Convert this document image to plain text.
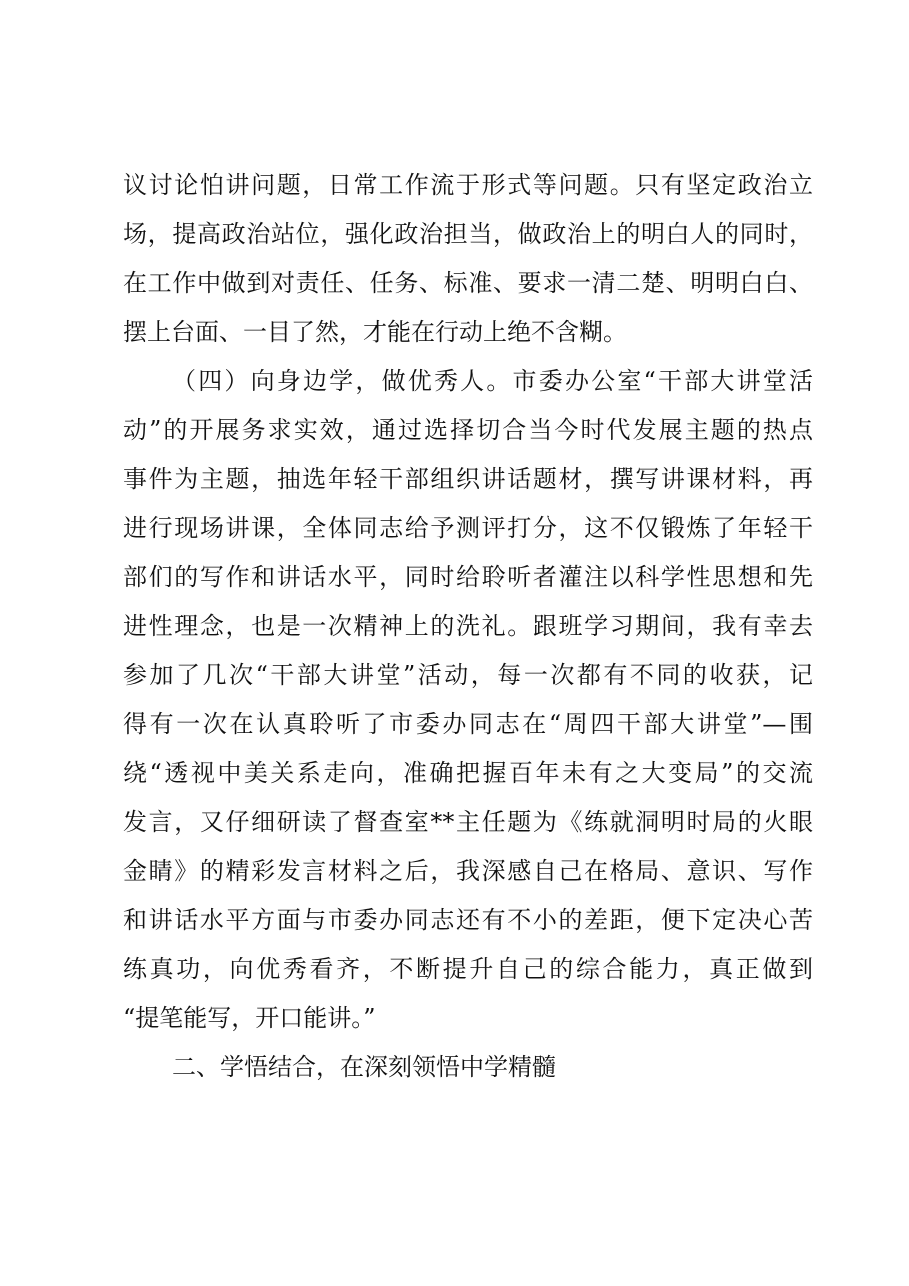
议讨论怕讲问题，日常工作流于形式等问题。只有坚定政治立
场，提高政治站位，强化政治担当，做政治上的明白人的同时，
在工作中做到对责任、任务、标准、要求一清二楚、明明白白、
摆上台面、一目了然，才能在行动上绝不含糊。
（四）向身边学，做优秀人。市委办公室“干部大讲堂活
动”的开展务求实效，通过选择切合当今时代发展主题的热点
事件为主题，抽选年轻干部组织讲话题材，撰写讲课材料，再
进行现场讲课，全体同志给予测评打分，这不仅锻炼了年轻干
部们的写作和讲话水平，同时给聆听者灌注以科学性思想和先
进性理念，也是一次精神上的洗礼。跟班学习期间，我有幸去
参加了几次“干部大讲堂”活动，每一次都有不同的收获，记
得有一次在认真聆听了市委办同志在“周四干部大讲堂”—围
绕“透视中美关系走向，准确把握百年未有之大变局”的交流
发言，又仔细研读了督查室**主任题为《练就洞明时局的火眼
金睛》的精彩发言材料之后，我深感自己在格局、意识、写作
和讲话水平方面与市委办同志还有不小的差距，便下定决心苦
练真功，向优秀看齐，不断提升自己的综合能力，真正做到
“提笔能写，开口能讲。”
二、学悟结合，在深刻领悟中学精髓
